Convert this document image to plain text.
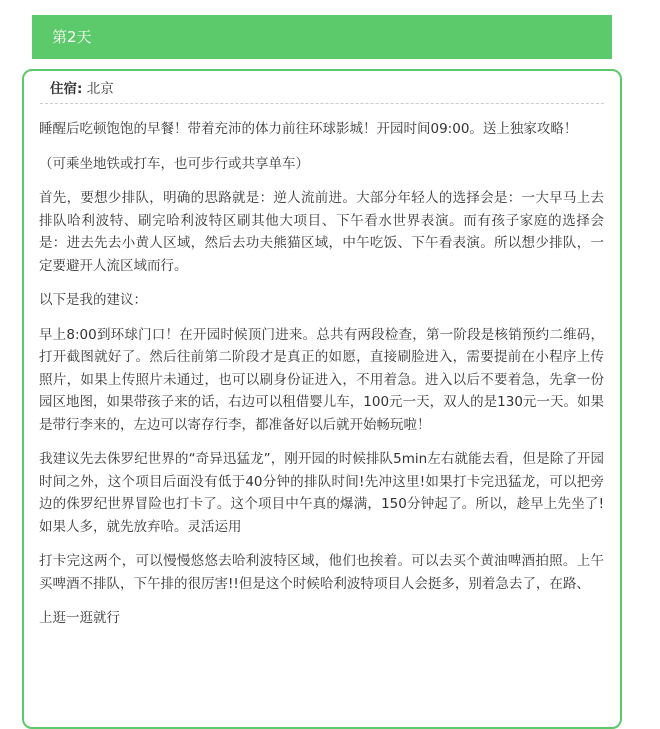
第2天
住宿: 北京

睡醒后吃顿饱饱的早餐！带着充沛的体力前往环球影城！开园时间09:00。送上独家攻略！

（可乘坐地铁或打车，也可步行或共享单车）

首先，要想少排队，明确的思路就是：逆人流前进。大部分年轻人的选择会是：一大早马上去排队哈利波特、刷完哈利波特区刷其他大项目、下午看水世界表演。而有孩子家庭的选择会是：进去先去小黄人区域，然后去功夫熊猫区域，中午吃饭、下午看表演。所以想少排队，一定要避开人流区域而行。

以下是我的建议：

早上8:00到环球门口！在开园时候顶门进来。总共有两段检查，第一阶段是核销预约二维码，打开截图就好了。然后往前第二阶段才是真正的如愿，直接刷脸进入，需要提前在小程序上传照片，如果上传照片未通过，也可以刷身份证进入，不用着急。进入以后不要着急，先拿一份园区地图，如果带孩子来的话，右边可以租借婴儿车，100元一天，双人的是130元一天。如果是带行李来的，左边可以寄存行李，都准备好以后就开始畅玩啦！

我建议先去侏罗纪世界的“奇异迅猛龙”，刚开园的时候排队5min左右就能去看，但是除了开园时间之外，这个项目后面没有低于40分钟的排队时间!先冲这里!如果打卡完迅猛龙，可以把旁边的侏罗纪世界冒险也打卡了。这个项目中午真的爆满，150分钟起了。所以，趁早上先坐了!如果人多，就先放弃哈。灵活运用

打卡完这两个，可以慢慢悠悠去哈利波特区域，他们也挨着。可以去买个黄油啤酒拍照。上午买啤酒不排队，下午排的很厉害!!但是这个时候哈利波特项目人会挺多，别着急去了，在路、

上逛一逛就行
